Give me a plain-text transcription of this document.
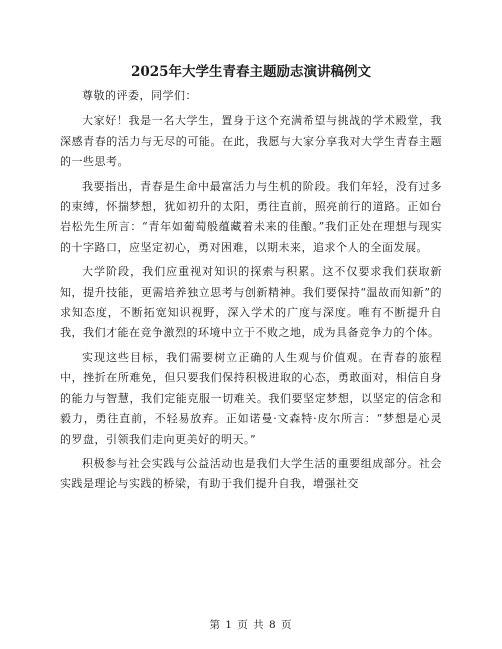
2025年大学生青春主题励志演讲稿例文

尊敬的评委，同学们：

大家好！我是一名大学生，置身于这个充满希望与挑战的学术殿堂，我深感青春的活力与无尽的可能。在此，我愿与大家分享我对大学生青春主题的一些思考。

我要指出，青春是生命中最富活力与生机的阶段。我们年轻，没有过多的束缚，怀揣梦想，犹如初升的太阳，勇往直前，照亮前行的道路。正如台岩松先生所言：“青年如葡萄般蕴藏着未来的佳酿。”我们正处在理想与现实的十字路口，应坚定初心，勇对困难，以期未来，追求个人的全面发展。

大学阶段，我们应重视对知识的探索与积累。这不仅要求我们获取新知，提升技能，更需培养独立思考与创新精神。我们要保持“温故而知新”的求知态度，不断拓宽知识视野，深入学术的广度与深度。唯有不断提升自我，我们才能在竞争激烈的环境中立于不败之地，成为具备竞争力的个体。

实现这些目标，我们需要树立正确的人生观与价值观。在青春的旅程中，挫折在所难免，但只要我们保持积极进取的心态，勇敢面对，相信自身的能力与智慧，我们定能克服一切难关。我们要坚定梦想，以坚定的信念和毅力，勇往直前，不轻易放弃。正如诺曼·文森特·皮尔所言：“梦想是心灵的罗盘，引领我们走向更美好的明天。”

积极参与社会实践与公益活动也是我们大学生活的重要组成部分。社会实践是理论与实践的桥梁，有助于我们提升自我，增强社交

第 1 页 共 8 页
